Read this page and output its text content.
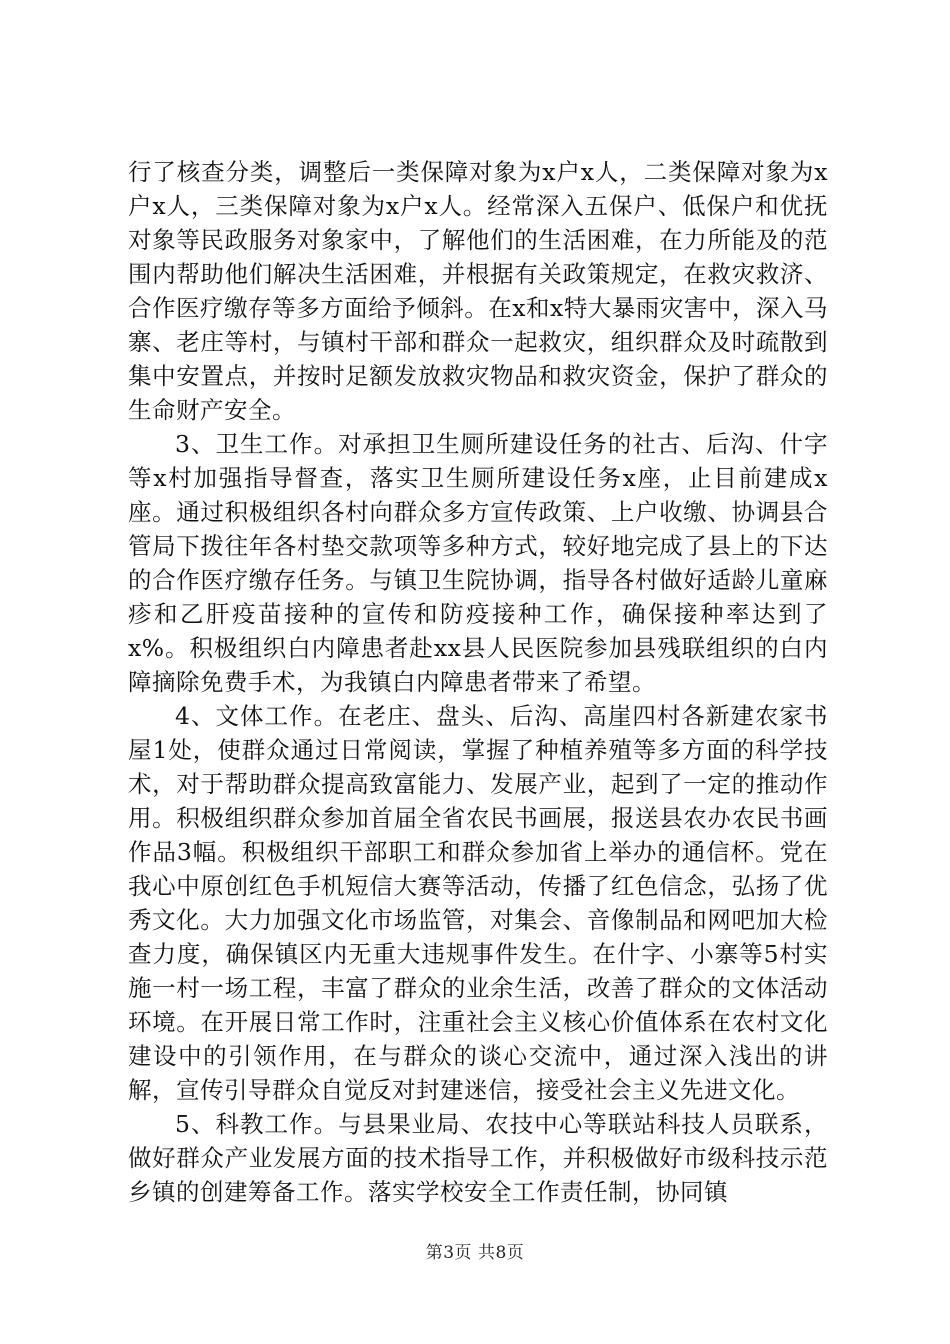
行了核查分类，调整后一类保障对象为x户x人，二类保障对象为x户x人，三类保障对象为x户x人。经常深入五保户、低保户和优抚对象等民政服务对象家中，了解他们的生活困难，在力所能及的范围内帮助他们解决生活困难，并根据有关政策规定，在救灾救济、合作医疗缴存等多方面给予倾斜。在x和x特大暴雨灾害中，深入马寨、老庄等村，与镇村干部和群众一起救灾，组织群众及时疏散到集中安置点，并按时足额发放救灾物品和救灾资金，保护了群众的生命财产安全。

3、卫生工作。对承担卫生厕所建设任务的社古、后沟、什字等x村加强指导督查，落实卫生厕所建设任务x座，止目前建成x座。通过积极组织各村向群众多方宣传政策、上户收缴、协调县合管局下拨往年各村垫交款项等多种方式，较好地完成了县上的下达的合作医疗缴存任务。与镇卫生院协调，指导各村做好适龄儿童麻疹和乙肝疫苗接种的宣传和防疫接种工作，确保接种率达到了x%。积极组织白内障患者赴xx县人民医院参加县残联组织的白内障摘除免费手术，为我镇白内障患者带来了希望。

4、文体工作。在老庄、盘头、后沟、高崖四村各新建农家书屋1处，使群众通过日常阅读，掌握了种植养殖等多方面的科学技术，对于帮助群众提高致富能力、发展产业，起到了一定的推动作用。积极组织群众参加首届全省农民书画展，报送县农办农民书画作品3幅。积极组织干部职工和群众参加省上举办的通信杯。党在我心中原创红色手机短信大赛等活动，传播了红色信念，弘扬了优秀文化。大力加强文化市场监管，对集会、音像制品和网吧加大检查力度，确保镇区内无重大违规事件发生。在什字、小寨等5村实施一村一场工程，丰富了群众的业余生活，改善了群众的文体活动环境。在开展日常工作时，注重社会主义核心价值体系在农村文化建设中的引领作用，在与群众的谈心交流中，通过深入浅出的讲解，宣传引导群众自觉反对封建迷信，接受社会主义先进文化。

5、科教工作。与县果业局、农技中心等联站科技人员联系，做好群众产业发展方面的技术指导工作，并积极做好市级科技示范乡镇的创建筹备工作。落实学校安全工作责任制，协同镇

第3页 共8页
